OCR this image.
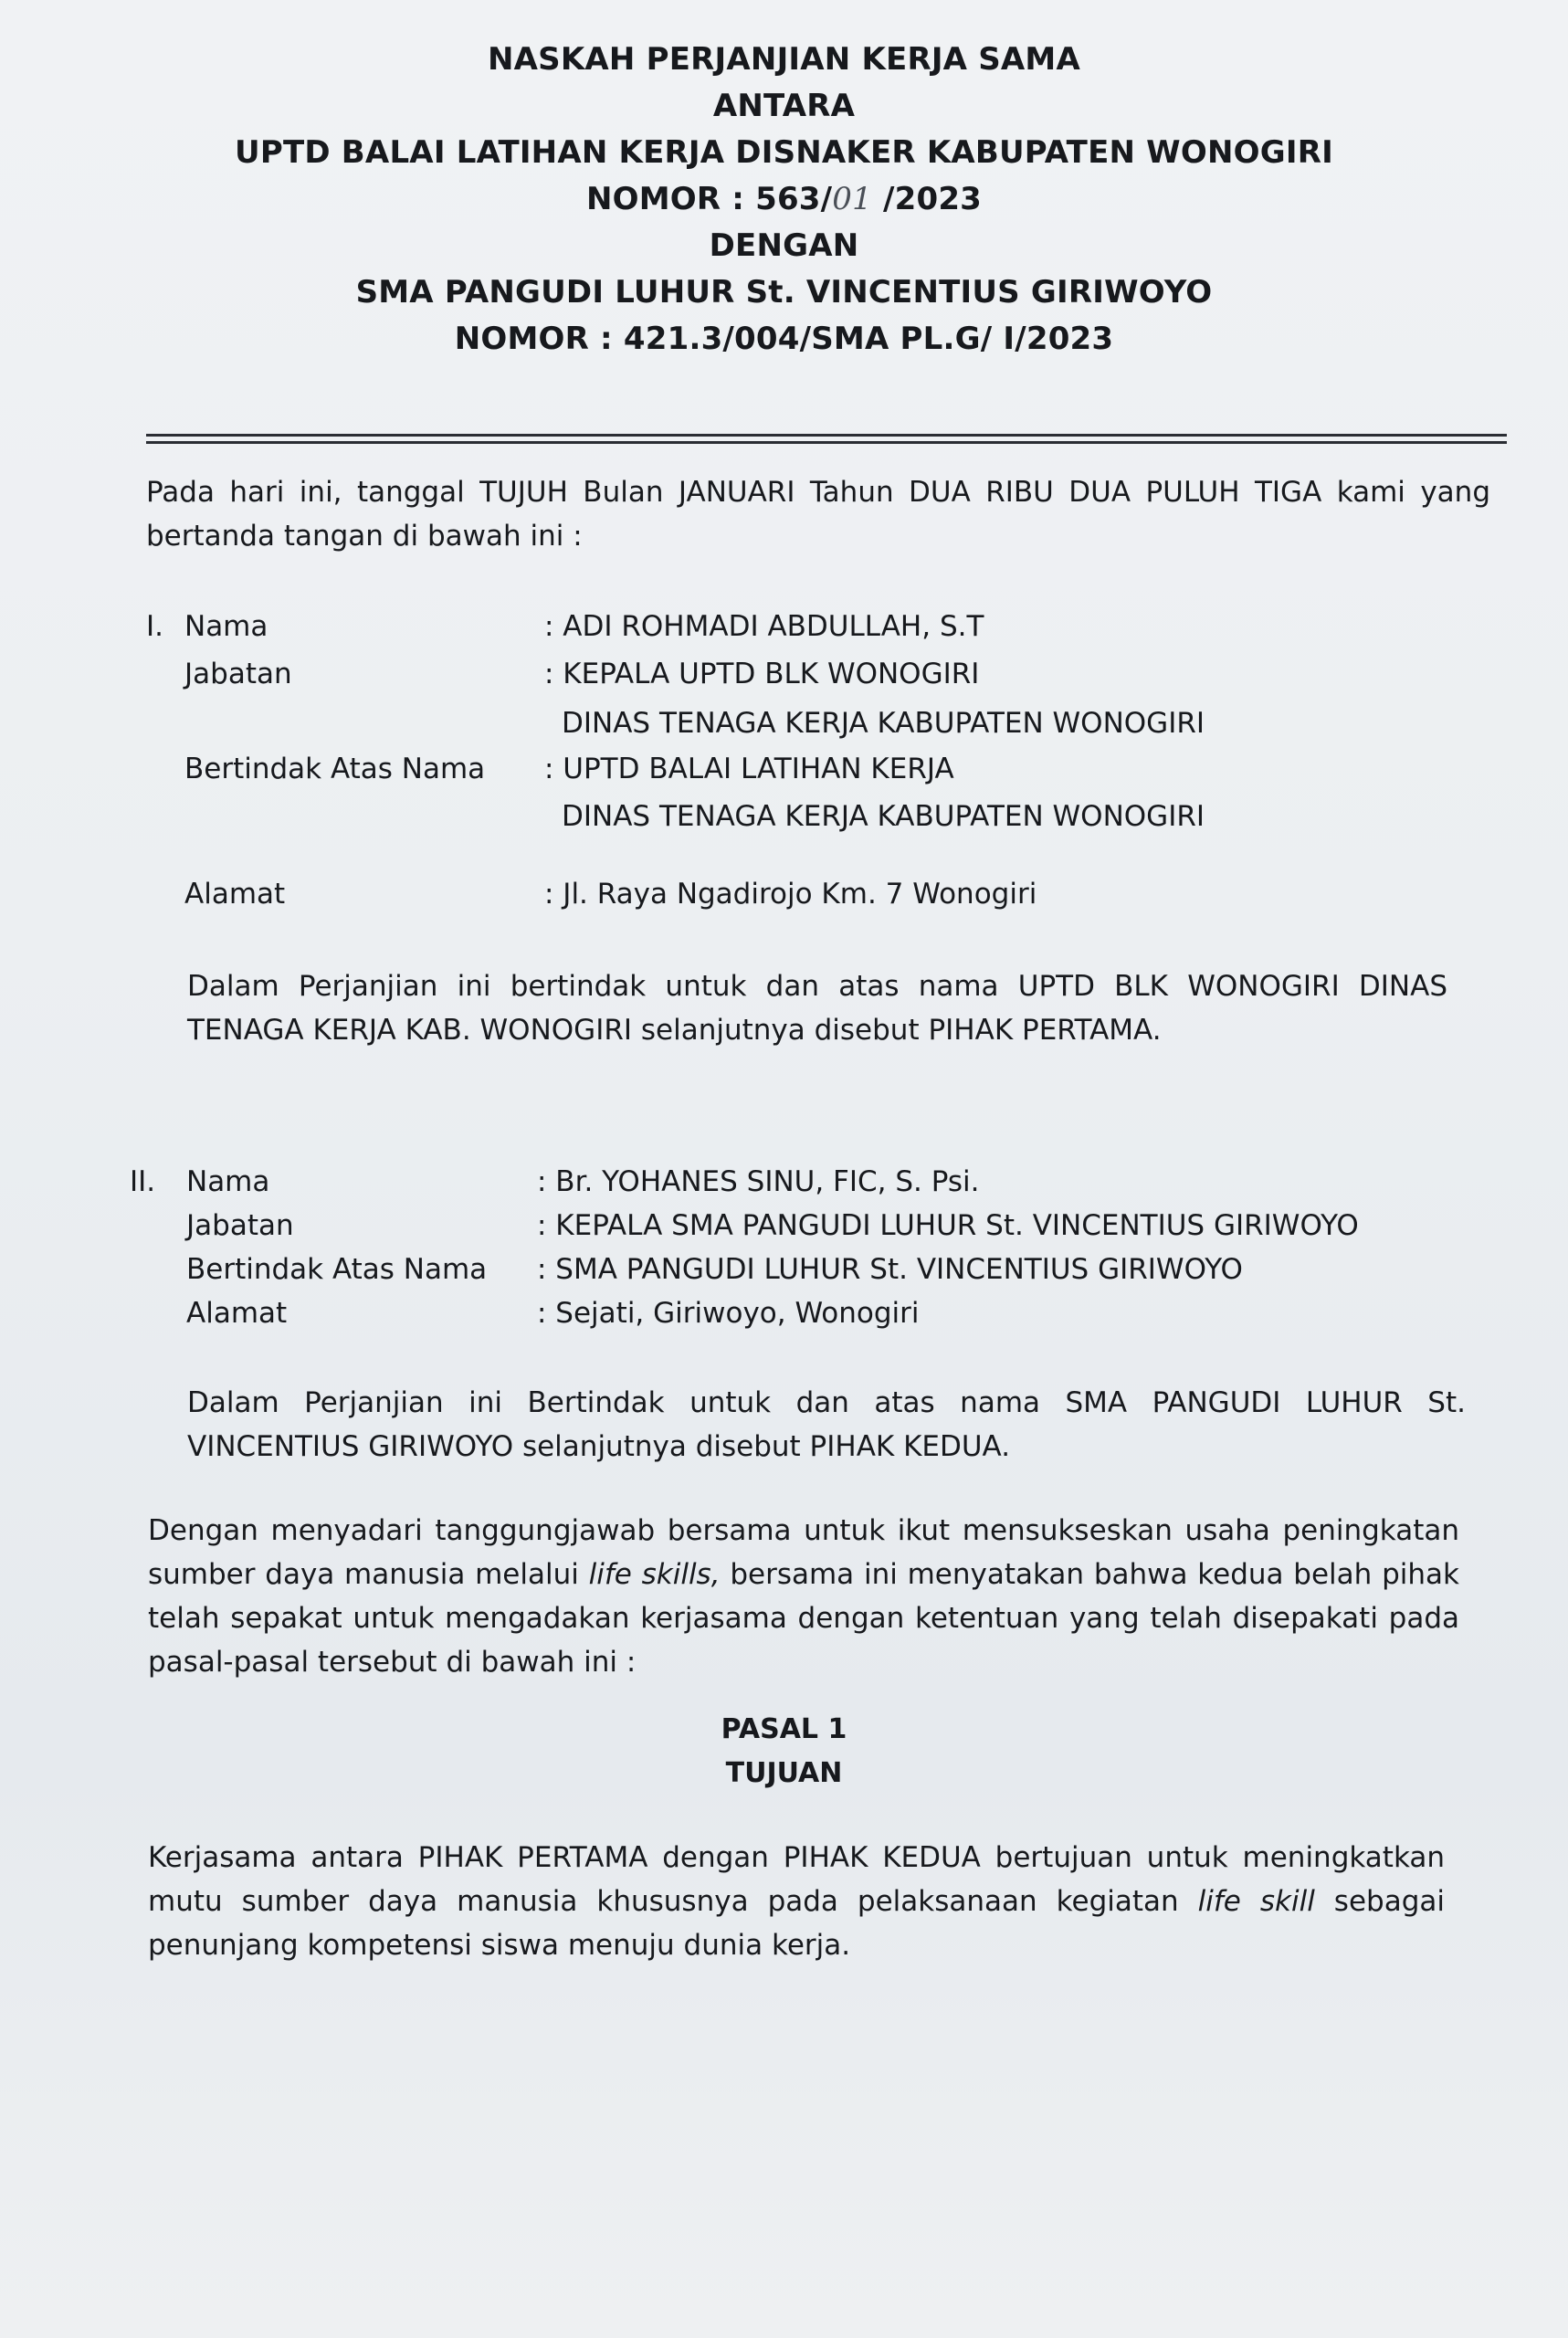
NASKAH PERJANJIAN KERJA SAMA
ANTARA
UPTD BALAI LATIHAN KERJA DISNAKER KABUPATEN WONOGIRI
NOMOR : 563/01 /2023
DENGAN
SMA PANGUDI LUHUR St. VINCENTIUS GIRIWOYO
NOMOR : 421.3/004/SMA PL.G/ I/2023

Pada hari ini, tanggal TUJUH Bulan JANUARI Tahun DUA RIBU DUA PULUH TIGA kami yang bertanda tangan di bawah ini :

I. Nama	: ADI ROHMADI ABDULLAH, S.T
Jabatan	: KEPALA UPTD BLK WONOGIRI
DINAS TENAGA KERJA KABUPATEN WONOGIRI
Bertindak Atas Nama : UPTD BALAI LATIHAN KERJA
DINAS TENAGA KERJA KABUPATEN WONOGIRI
Alamat	: Jl. Raya Ngadirojo Km. 7 Wonogiri

Dalam Perjanjian ini bertindak untuk dan atas nama UPTD BLK WONOGIRI DINAS TENAGA KERJA KAB. WONOGIRI selanjutnya disebut PIHAK PERTAMA.

II. Nama	: Br. YOHANES SINU, FIC, S. Psi.
Jabatan	: KEPALA SMA PANGUDI LUHUR St. VINCENTIUS GIRIWOYO
Bertindak Atas Nama : SMA PANGUDI LUHUR St. VINCENTIUS GIRIWOYO
Alamat	: Sejati, Giriwoyo, Wonogiri

Dalam Perjanjian ini Bertindak untuk dan atas nama SMA PANGUDI LUHUR St. VINCENTIUS GIRIWOYO selanjutnya disebut PIHAK KEDUA.

Dengan menyadari tanggungjawab bersama untuk ikut mensukseskan usaha peningkatan sumber daya manusia melalui life skills, bersama ini menyatakan bahwa kedua belah pihak telah sepakat untuk mengadakan kerjasama dengan ketentuan yang telah disepakati pada pasal-pasal tersebut di bawah ini :

PASAL 1
TUJUAN

Kerjasama antara PIHAK PERTAMA dengan PIHAK KEDUA bertujuan untuk meningkatkan mutu sumber daya manusia khususnya pada pelaksanaan kegiatan life skill sebagai penunjang kompetensi siswa menuju dunia kerja.
